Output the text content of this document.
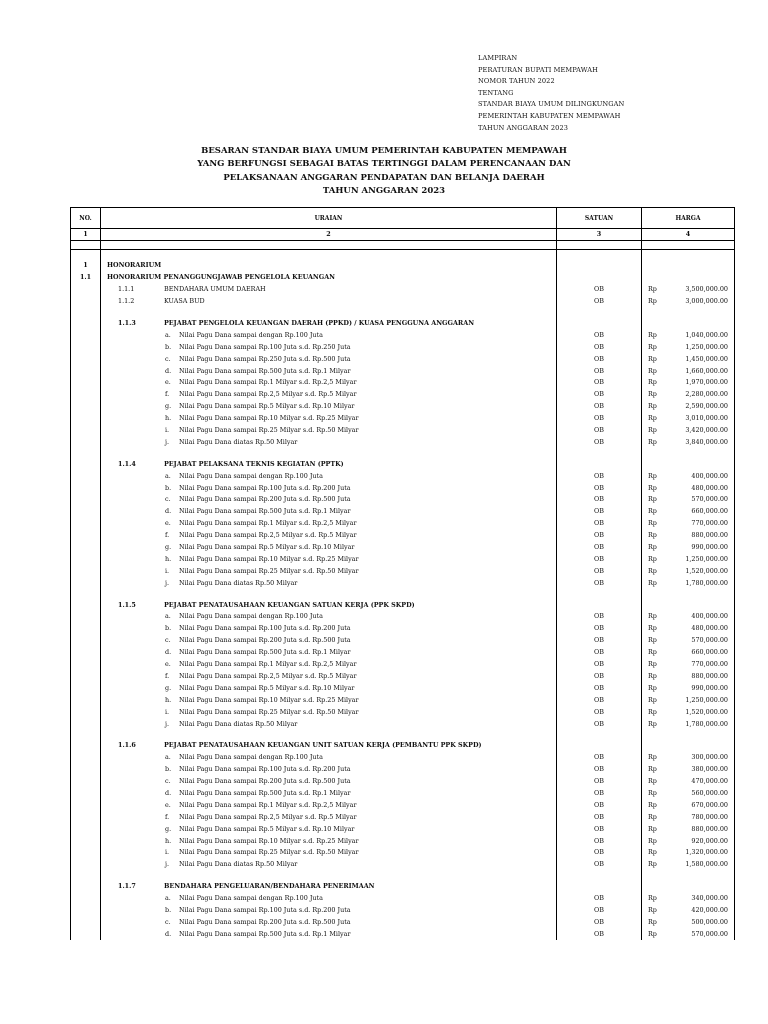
LAMPIRAN
PERATURAN BUPATI MEMPAWAH
NOMOR TAHUN 2022
TENTANG
STANDAR BIAYA UMUM DILINGKUNGAN
PEMERINTAH KABUPATEN MEMPAWAH
TAHUN ANGGARAN 2023
BESARAN STANDAR BIAYA UMUM PEMERINTAH KABUPATEN MEMPAWAH
YANG BERFUNGSI SEBAGAI BATAS TERTINGGI DALAM PERENCANAAN DAN
PELAKSANAAN ANGGARAN PENDAPATAN DAN BELANJA DAERAH
TAHUN ANGGARAN 2023
NO.	URAIAN	SATUAN	HARGA
1	2	3	4

1	HONORARIUM		
1.1	HONORARIUM PENANGGUNGJAWAB PENGELOLA KEUANGAN		

	1.1.1 BENDAHARA UMUM DAERAH	OB	Rp 3,500,000.00

	1.1.2 KUASA BUD	OB	Rp 3,000,000.00

	1.1.3 PEJABAT PENGELOLA KEUANGAN DAERAH (PPKD) / KUASA PENGGUNA ANGGARAN		

	a. Nilai Pagu Dana sampai dengan Rp.100 Juta	OB	Rp 1,040,000.00

	b. Nilai Pagu Dana sampai Rp.100 Juta s.d. Rp.250 Juta	OB	Rp 1,250,000.00

	c. Nilai Pagu Dana sampai Rp.250 Juta s.d. Rp.500 Juta	OB	Rp 1,450,000.00

	d. Nilai Pagu Dana sampai Rp.500 Juta s.d. Rp.1 Milyar	OB	Rp 1,660,000.00

	e. Nilai Pagu Dana sampai Rp.1 Milyar s.d. Rp.2,5 Milyar	OB	Rp 1,970,000.00

	f. Nilai Pagu Dana sampai Rp.2,5 Milyar s.d. Rp.5 Milyar	OB	Rp 2,280,000.00

	g. Nilai Pagu Dana sampai Rp.5 Milyar s.d. Rp.10 Milyar	OB	Rp 2,590,000.00

	h. Nilai Pagu Dana sampai Rp.10 Milyar s.d. Rp.25 Milyar	OB	Rp 3,010,000.00

	i. Nilai Pagu Dana sampai Rp.25 Milyar s.d. Rp.50 Milyar	OB	Rp 3,420,000.00

	j. Nilai Pagu Dana diatas Rp.50 Milyar	OB	Rp 3,840,000.00

	1.1.4 PEJABAT PELAKSANA TEKNIS KEGIATAN (PPTK)		

	a. Nilai Pagu Dana sampai dengan Rp.100 Juta	OB	Rp 400,000.00

	b. Nilai Pagu Dana sampai Rp.100 Juta s.d. Rp.200 Juta	OB	Rp 480,000.00

	c. Nilai Pagu Dana sampai Rp.200 Juta s.d. Rp.500 Juta	OB	Rp 570,000.00

	d. Nilai Pagu Dana sampai Rp.500 Juta s.d. Rp.1 Milyar	OB	Rp 660,000.00

	e. Nilai Pagu Dana sampai Rp.1 Milyar s.d. Rp.2,5 Milyar	OB	Rp 770,000.00

	f. Nilai Pagu Dana sampai Rp.2,5 Milyar s.d. Rp.5 Milyar	OB	Rp 880,000.00

	g. Nilai Pagu Dana sampai Rp.5 Milyar s.d. Rp.10 Milyar	OB	Rp 990,000.00

	h. Nilai Pagu Dana sampai Rp.10 Milyar s.d. Rp.25 Milyar	OB	Rp 1,250,000.00

	i. Nilai Pagu Dana sampai Rp.25 Milyar s.d. Rp.50 Milyar	OB	Rp 1,520,000.00

	j. Nilai Pagu Dana diatas Rp.50 Milyar	OB	Rp 1,780,000.00

	1.1.5 PEJABAT PENATAUSAHAAN KEUANGAN SATUAN KERJA (PPK SKPD)		

	a. Nilai Pagu Dana sampai dengan Rp.100 Juta	OB	Rp 400,000.00

	b. Nilai Pagu Dana sampai Rp.100 Juta s.d. Rp.200 Juta	OB	Rp 480,000.00

	c. Nilai Pagu Dana sampai Rp.200 Juta s.d. Rp.500 Juta	OB	Rp 570,000.00

	d. Nilai Pagu Dana sampai Rp.500 Juta s.d. Rp.1 Milyar	OB	Rp 660,000.00

	e. Nilai Pagu Dana sampai Rp.1 Milyar s.d. Rp.2,5 Milyar	OB	Rp 770,000.00

	f. Nilai Pagu Dana sampai Rp.2,5 Milyar s.d. Rp.5 Milyar	OB	Rp 880,000.00

	g. Nilai Pagu Dana sampai Rp.5 Milyar s.d. Rp.10 Milyar	OB	Rp 990,000.00

	h. Nilai Pagu Dana sampai Rp.10 Milyar s.d. Rp.25 Milyar	OB	Rp 1,250,000.00

	i. Nilai Pagu Dana sampai Rp.25 Milyar s.d. Rp.50 Milyar	OB	Rp 1,520,000.00

	j. Nilai Pagu Dana diatas Rp.50 Milyar	OB	Rp 1,780,000.00

	1.1.6 PEJABAT PENATAUSAHAAN KEUANGAN UNIT SATUAN KERJA (PEMBANTU PPK SKPD)		

	a. Nilai Pagu Dana sampai dengan Rp.100 Juta	OB	Rp 300,000.00

	b. Nilai Pagu Dana sampai Rp.100 Juta s.d. Rp.200 Juta	OB	Rp 380,000.00

	c. Nilai Pagu Dana sampai Rp.200 Juta s.d. Rp.500 Juta	OB	Rp 470,000.00

	d. Nilai Pagu Dana sampai Rp.500 Juta s.d. Rp.1 Milyar	OB	Rp 560,000.00

	e. Nilai Pagu Dana sampai Rp.1 Milyar s.d. Rp.2,5 Milyar	OB	Rp 670,000.00

	f. Nilai Pagu Dana sampai Rp.2,5 Milyar s.d. Rp.5 Milyar	OB	Rp 780,000.00

	g. Nilai Pagu Dana sampai Rp.5 Milyar s.d. Rp.10 Milyar	OB	Rp 880,000.00

	h. Nilai Pagu Dana sampai Rp.10 Milyar s.d. Rp.25 Milyar	OB	Rp 920,000.00

	i. Nilai Pagu Dana sampai Rp.25 Milyar s.d. Rp.50 Milyar	OB	Rp 1,320,000.00

	j. Nilai Pagu Dana diatas Rp.50 Milyar	OB	Rp 1,580,000.00

	1.1.7 BENDAHARA PENGELUARAN/BENDAHARA PENERIMAAN		

	a. Nilai Pagu Dana sampai dengan Rp.100 Juta	OB	Rp 340,000.00

	b. Nilai Pagu Dana sampai Rp.100 Juta s.d. Rp.200 Juta	OB	Rp 420,000.00

	c. Nilai Pagu Dana sampai Rp.200 Juta s.d. Rp.500 Juta	OB	Rp 500,000.00

	d. Nilai Pagu Dana sampai Rp.500 Juta s.d. Rp.1 Milyar	OB	Rp 570,000.00
